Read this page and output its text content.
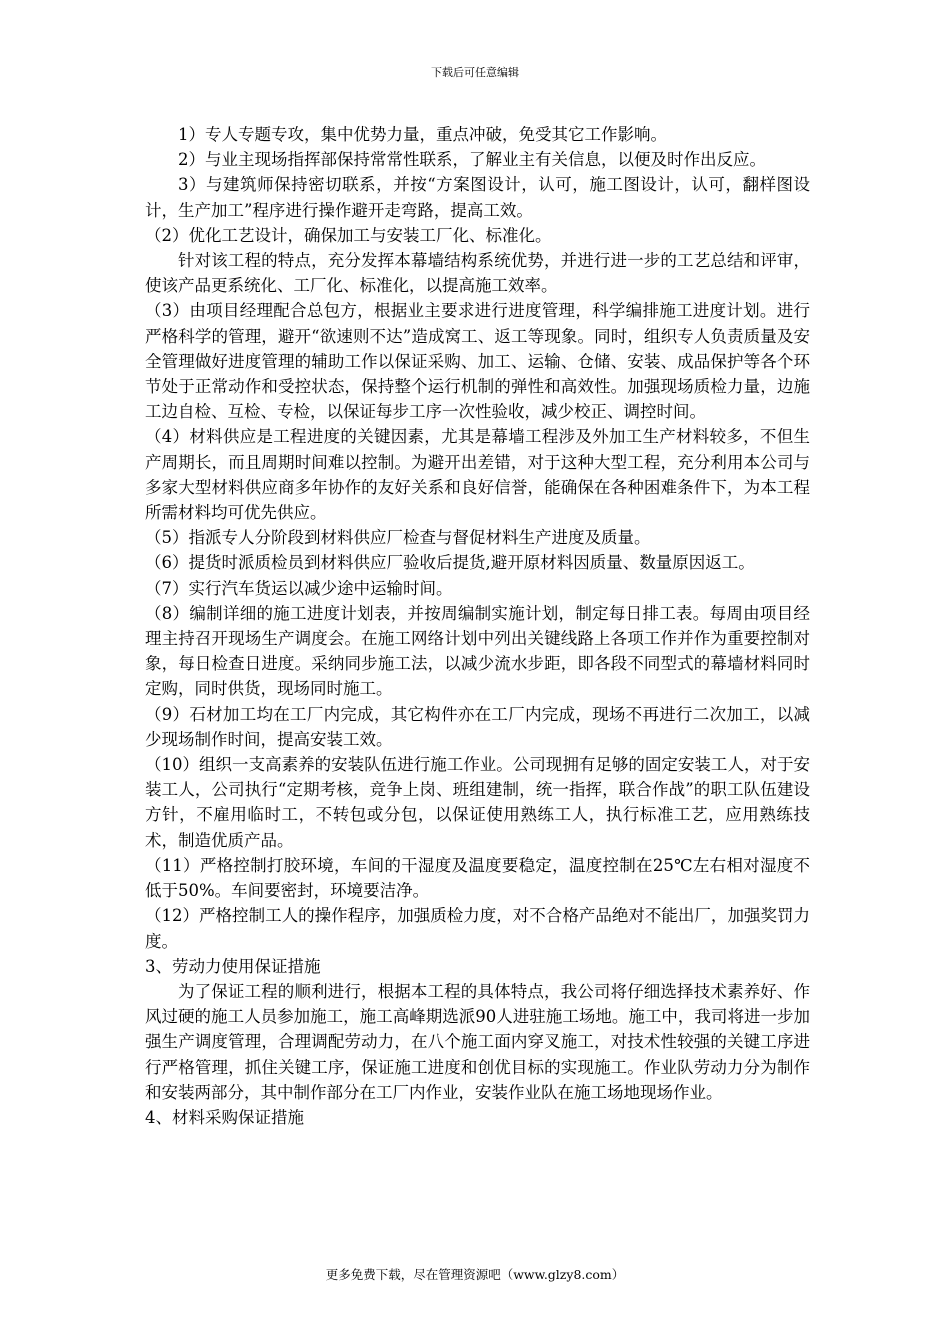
下载后可任意编辑

1）专人专题专攻，集中优势力量，重点冲破，免受其它工作影响。

2）与业主现场指挥部保持常常性联系，了解业主有关信息，以便及时作出反应。

3）与建筑师保持密切联系，并按“方案图设计，认可，施工图设计，认可，翻样图设计，生产加工”程序进行操作避开走弯路，提高工效。

（2）优化工艺设计，确保加工与安装工厂化、标准化。

针对该工程的特点，充分发挥本幕墙结构系统优势，并进行进一步的工艺总结和评审，使该产品更系统化、工厂化、标准化，以提高施工效率。

（3）由项目经理配合总包方，根据业主要求进行进度管理，科学编排施工进度计划。进行严格科学的管理，避开“欲速则不达”造成窝工、返工等现象。同时，组织专人负责质量及安全管理做好进度管理的辅助工作以保证采购、加工、运输、仓储、安装、成品保护等各个环节处于正常动作和受控状态，保持整个运行机制的弹性和高效性。加强现场质检力量，边施工边自检、互检、专检，以保证每步工序一次性验收，减少校正、调控时间。

（4）材料供应是工程进度的关键因素，尤其是幕墙工程涉及外加工生产材料较多，不但生产周期长，而且周期时间难以控制。为避开出差错，对于这种大型工程，充分利用本公司与多家大型材料供应商多年协作的友好关系和良好信誉，能确保在各种困难条件下，为本工程所需材料均可优先供应。

（5）指派专人分阶段到材料供应厂检查与督促材料生产进度及质量。

（6）提货时派质检员到材料供应厂验收后提货,避开原材料因质量、数量原因返工。

（7）实行汽车货运以减少途中运输时间。

（8）编制详细的施工进度计划表，并按周编制实施计划，制定每日排工表。每周由项目经理主持召开现场生产调度会。在施工网络计划中列出关键线路上各项工作并作为重要控制对象，每日检查日进度。采纳同步施工法，以减少流水步距，即各段不同型式的幕墙材料同时定购，同时供货，现场同时施工。

（9）石材加工均在工厂内完成，其它构件亦在工厂内完成，现场不再进行二次加工，以减少现场制作时间，提高安装工效。

（10）组织一支高素养的安装队伍进行施工作业。公司现拥有足够的固定安装工人，对于安装工人，公司执行“定期考核，竞争上岗、班组建制，统一指挥，联合作战”的职工队伍建设方针，不雇用临时工，不转包或分包，以保证使用熟练工人，执行标准工艺，应用熟练技术，制造优质产品。

（11）严格控制打胶环境，车间的干湿度及温度要稳定，温度控制在25℃左右相对湿度不低于50%。车间要密封，环境要洁净。

（12）严格控制工人的操作程序，加强质检力度，对不合格产品绝对不能出厂，加强奖罚力度。

3、劳动力使用保证措施

为了保证工程的顺利进行，根据本工程的具体特点，我公司将仔细选择技术素养好、作风过硬的施工人员参加施工，施工高峰期选派90人进驻施工场地。施工中，我司将进一步加强生产调度管理，合理调配劳动力，在八个施工面内穿叉施工，对技术性较强的关键工序进行严格管理，抓住关键工序，保证施工进度和创优目标的实现施工。作业队劳动力分为制作和安装两部分，其中制作部分在工厂内作业，安装作业队在施工场地现场作业。

4、材料采购保证措施

更多免费下载，尽在管理资源吧（www.glzy8.com）
